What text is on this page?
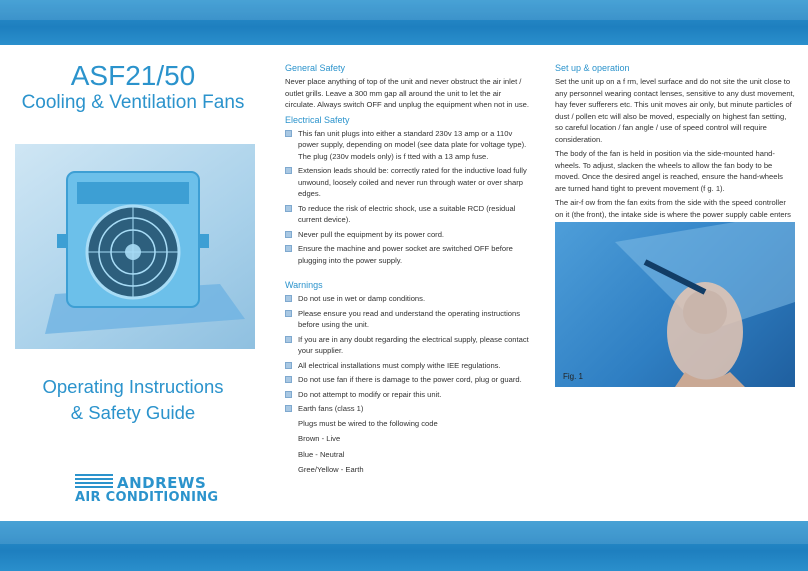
ASF21/50
Cooling & Ventilation Fans
Operating Instructions
& Safety Guide
ANDREWS
AIR CONDITIONING
General Safety
Never place anything of top of the unit and never obstruct the air inlet / outlet grills. Leave a 300 mm gap all around the unit to let the air circulate. Always switch OFF and unplug the equipment when not in use.
Electrical Safety
This fan unit plugs into either a standard 230v 13 amp or a 110v power supply, depending on model (see data plate for voltage type). The plug (230v models only) is f tted with a 13 amp fuse.
Extension leads should be: correctly rated for the inductive load fully unwound, loosely coiled and never run through water or over sharp edges.
To reduce the risk of electric shock, use a suitable RCD (residual current device).
Never pull the equipment by its power cord.
Ensure the machine and power socket are switched OFF before plugging into the power supply.
Warnings
Do not use in wet or damp conditions.
Please ensure you read and understand the operating instructions before using the unit.
If you are in any doubt regarding the electrical supply, please contact your supplier.
All electrical installations must comply withe IEE regulations.
Do not use fan if there is damage to the power cord, plug or guard.
Do not attempt to modify or repair this unit.
Earth fans (class 1)
Plugs must be wired to the following code
Brown - Live
Blue - Neutral
Gree/Yellow - Earth
Set up & operation
Set the unit up on a f rm, level surface and do not site the unit close to any personnel wearing contact lenses, sensitive to any dust movement, hay fever sufferers etc. This unit moves air only, but minute particles of dust / pollen etc will also be moved, especially on highest fan setting, so careful location / fan angle / use of speed control will require consideration.
The body of the fan is held in position via the side-mounted hand-wheels. To adjust, slacken the wheels to allow the fan body to be moved. Once the desired angel is reached, ensure the hand-wheels are turned hand tight to prevent movement (f g. 1).
The air-f ow from the fan exits from the side with the speed controller on it (the front), the intake side is where the power supply cable enters
Fig. 1
